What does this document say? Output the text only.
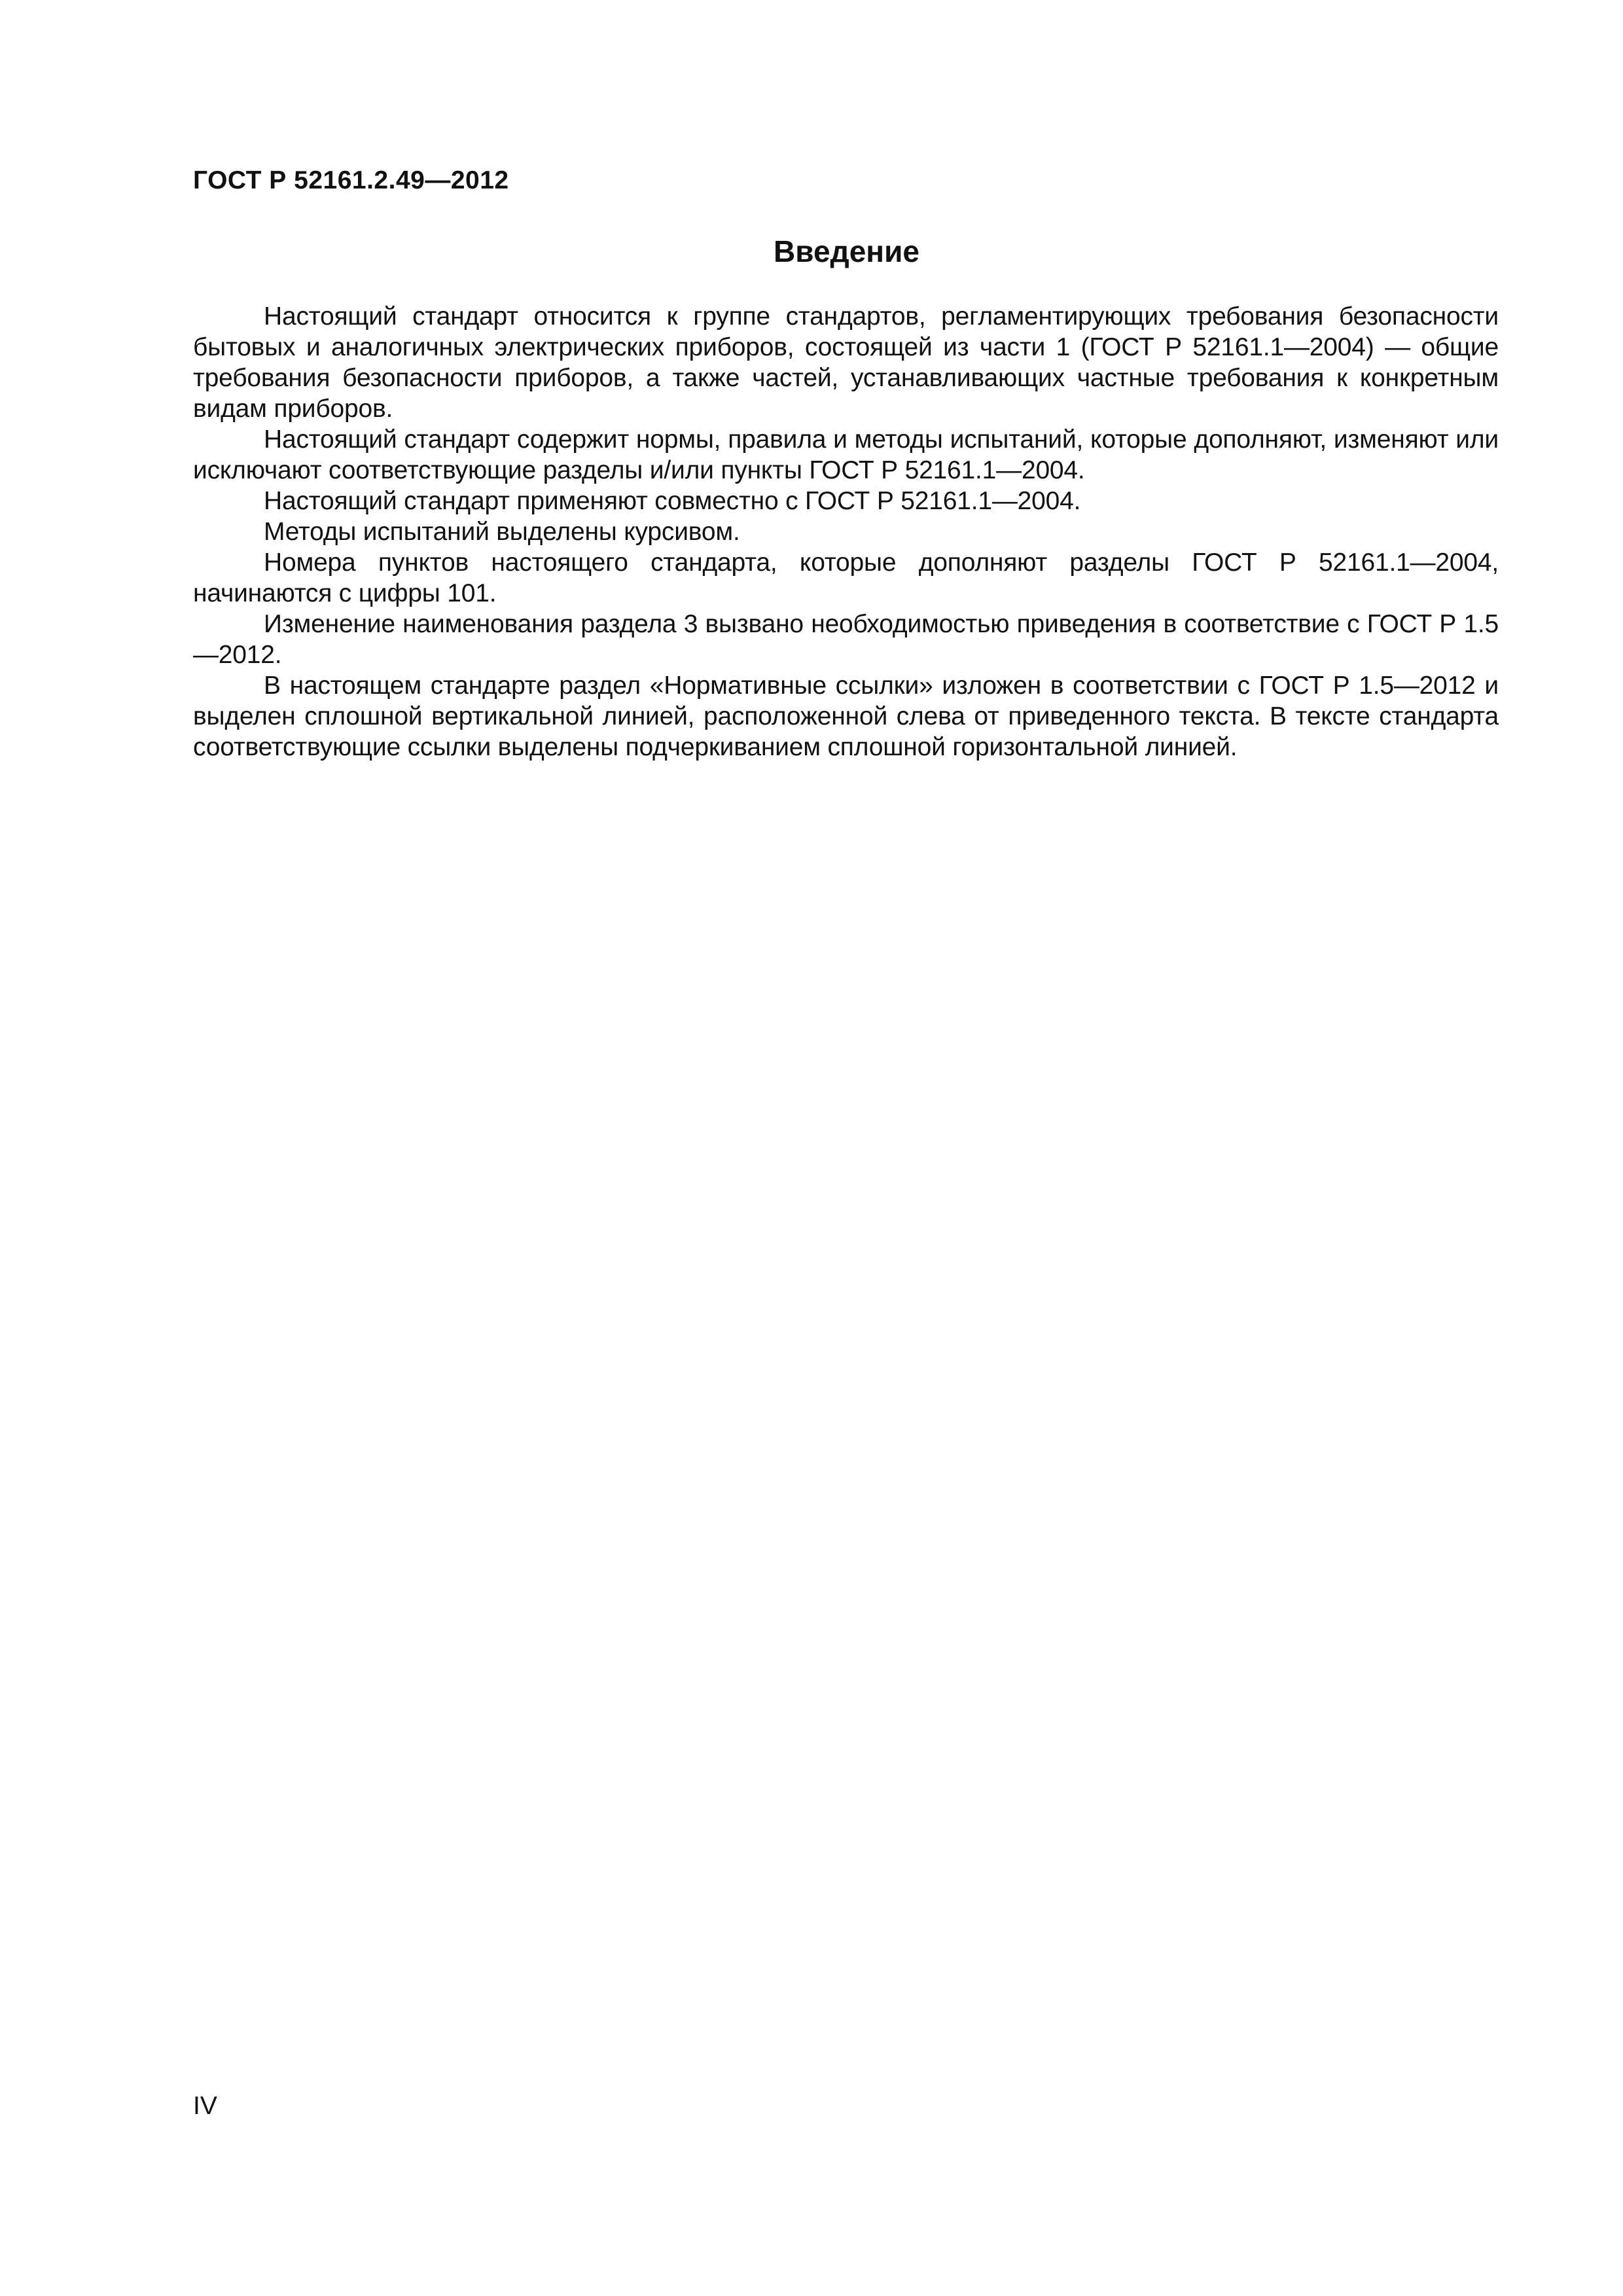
ГОСТ Р 52161.2.49—2012

Введение

Настоящий стандарт относится к группе стандартов, регламентирующих требования безопасности бытовых и аналогичных электрических приборов, состоящей из части 1 (ГОСТ Р 52161.1—2004) — общие требования безопасности приборов, а также частей, устанавливающих частные требования к конкретным видам приборов.

Настоящий стандарт содержит нормы, правила и методы испытаний, которые дополняют, изменяют или исключают соответствующие разделы и/или пункты ГОСТ Р 52161.1—2004.

Настоящий стандарт применяют совместно с ГОСТ Р 52161.1—2004.

Методы испытаний выделены курсивом.

Номера пунктов настоящего стандарта, которые дополняют разделы ГОСТ Р 52161.1—2004, начинаются с цифры 101.

Изменение наименования раздела 3 вызвано необходимостью приведения в соответствие с ГОСТ Р 1.5—2012.

В настоящем стандарте раздел «Нормативные ссылки» изложен в соответствии с ГОСТ Р 1.5—2012 и выделен сплошной вертикальной линией, расположенной слева от приведенного текста. В тексте стандарта соответствующие ссылки выделены подчеркиванием сплошной горизонтальной линией.

IV
